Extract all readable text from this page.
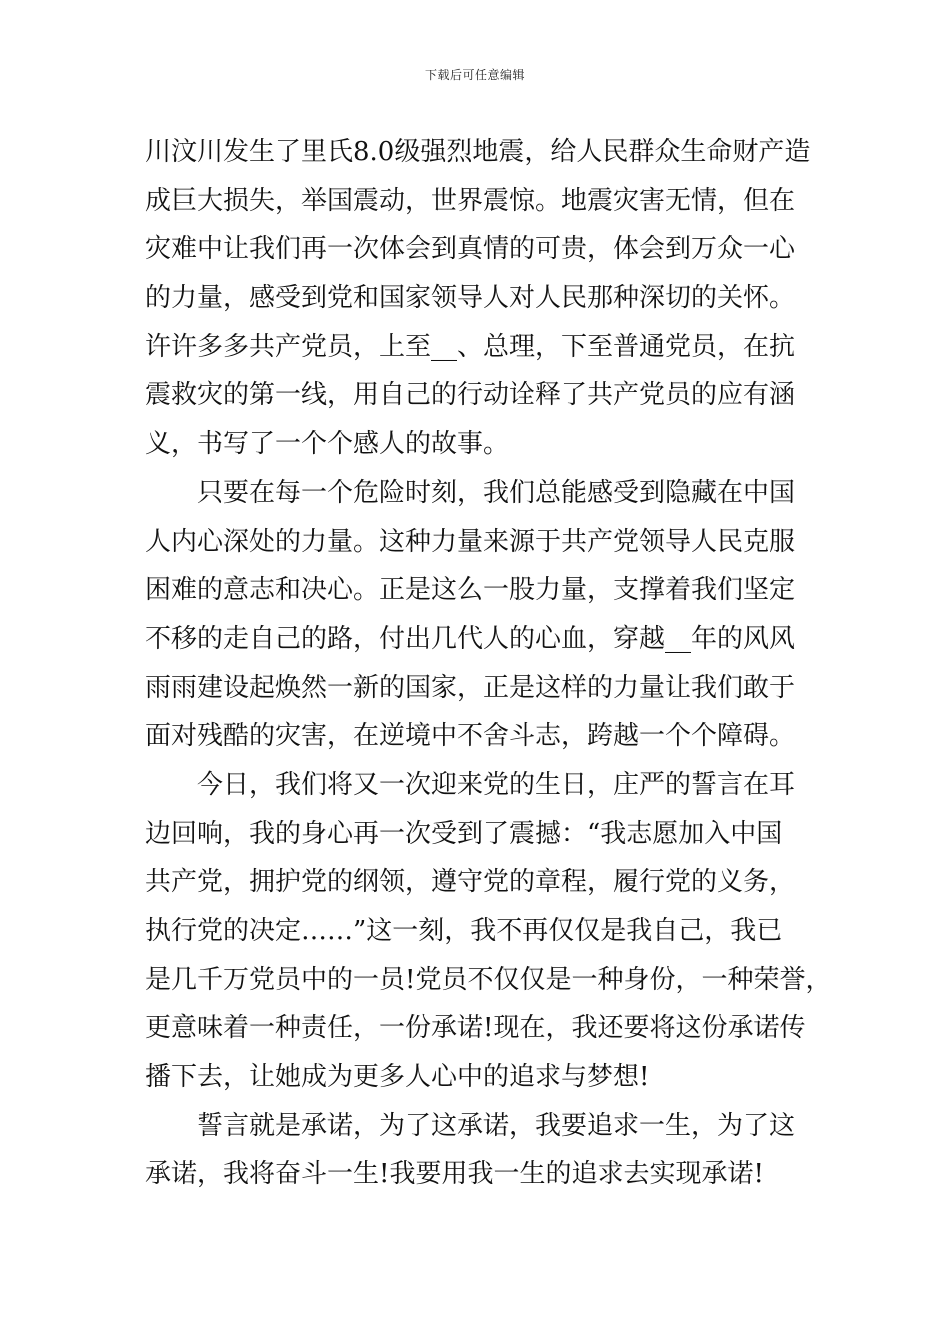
下载后可任意编辑
川汶川发生了里氏8.0级强烈地震，给人民群众生命财产造
成巨大损失，举国震动，世界震惊。地震灾害无情，但在
灾难中让我们再一次体会到真情的可贵，体会到万众一心
的力量，感受到党和国家领导人对人民那种深切的关怀。
许许多多共产党员，上至__、总理，下至普通党员，在抗
震救灾的第一线，用自己的行动诠释了共产党员的应有涵
义，书写了一个个感人的故事。
只要在每一个危险时刻，我们总能感受到隐藏在中国
人内心深处的力量。这种力量来源于共产党领导人民克服
困难的意志和决心。正是这么一股力量，支撑着我们坚定
不移的走自己的路，付出几代人的心血，穿越__年的风风
雨雨建设起焕然一新的国家，正是这样的力量让我们敢于
面对残酷的灾害，在逆境中不舍斗志，跨越一个个障碍。
今日，我们将又一次迎来党的生日，庄严的誓言在耳
边回响，我的身心再一次受到了震撼：“我志愿加入中国
共产党，拥护党的纲领，遵守党的章程，履行党的义务，
执行党的决定……”这一刻，我不再仅仅是我自己，我已
是几千万党员中的一员!党员不仅仅是一种身份，一种荣誉，
更意味着一种责任，一份承诺!现在，我还要将这份承诺传
播下去，让她成为更多人心中的追求与梦想!
誓言就是承诺，为了这承诺，我要追求一生，为了这
承诺，我将奋斗一生!我要用我一生的追求去实现承诺!
